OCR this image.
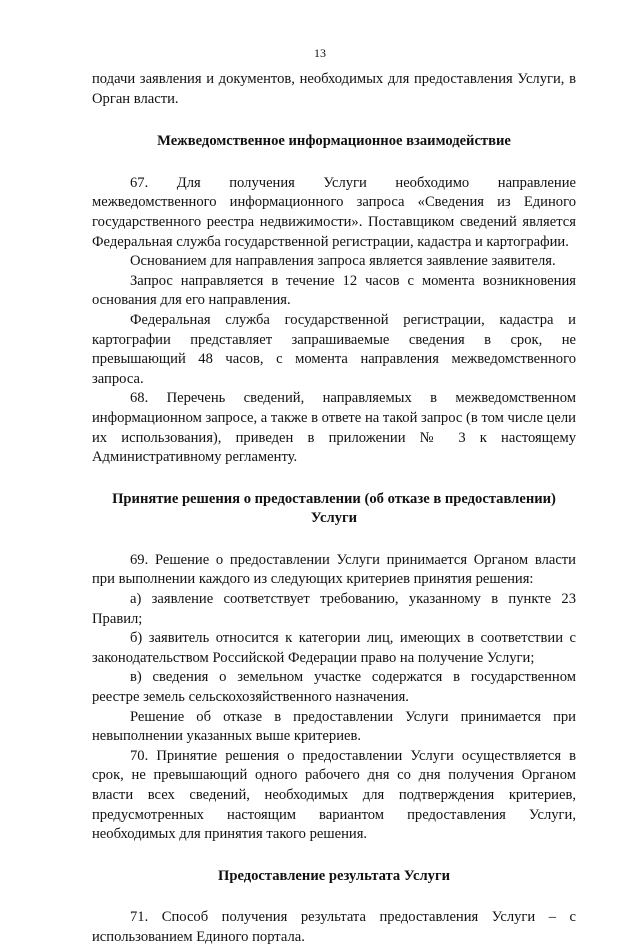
13

подачи заявления и документов, необходимых для предоставления Услуги, в Орган власти.

Межведомственное информационное взаимодействие

67. Для получения Услуги необходимо направление межведомственного информационного запроса «Сведения из Единого государственного реестра недвижимости». Поставщиком сведений является Федеральная служба государственной регистрации, кадастра и картографии.

Основанием для направления запроса является заявление заявителя.

Запрос направляется в течение 12 часов с момента возникновения основания для его направления.

Федеральная служба государственной регистрации, кадастра и картографии представляет запрашиваемые сведения в срок, не превышающий 48 часов, с момента направления межведомственного запроса.

68. Перечень сведений, направляемых в межведомственном информационном запросе, а также в ответе на такой запрос (в том числе цели их использования), приведен в приложении № 3 к настоящему Административному регламенту.

Принятие решения о предоставлении (об отказе в предоставлении) Услуги

69. Решение о предоставлении Услуги принимается Органом власти при выполнении каждого из следующих критериев принятия решения:

а) заявление соответствует требованию, указанному в пункте 23 Правил;

б) заявитель относится к категории лиц, имеющих в соответствии с законодательством Российской Федерации право на получение Услуги;

в) сведения о земельном участке содержатся в государственном реестре земель сельскохозяйственного назначения.

Решение об отказе в предоставлении Услуги принимается при невыполнении указанных выше критериев.

70. Принятие решения о предоставлении Услуги осуществляется в срок, не превышающий одного рабочего дня со дня получения Органом власти всех сведений, необходимых для подтверждения критериев, предусмотренных настоящим вариантом предоставления Услуги, необходимых для принятия такого решения.

Предоставление результата Услуги

71. Способ получения результата предоставления Услуги – с использованием Единого портала.
